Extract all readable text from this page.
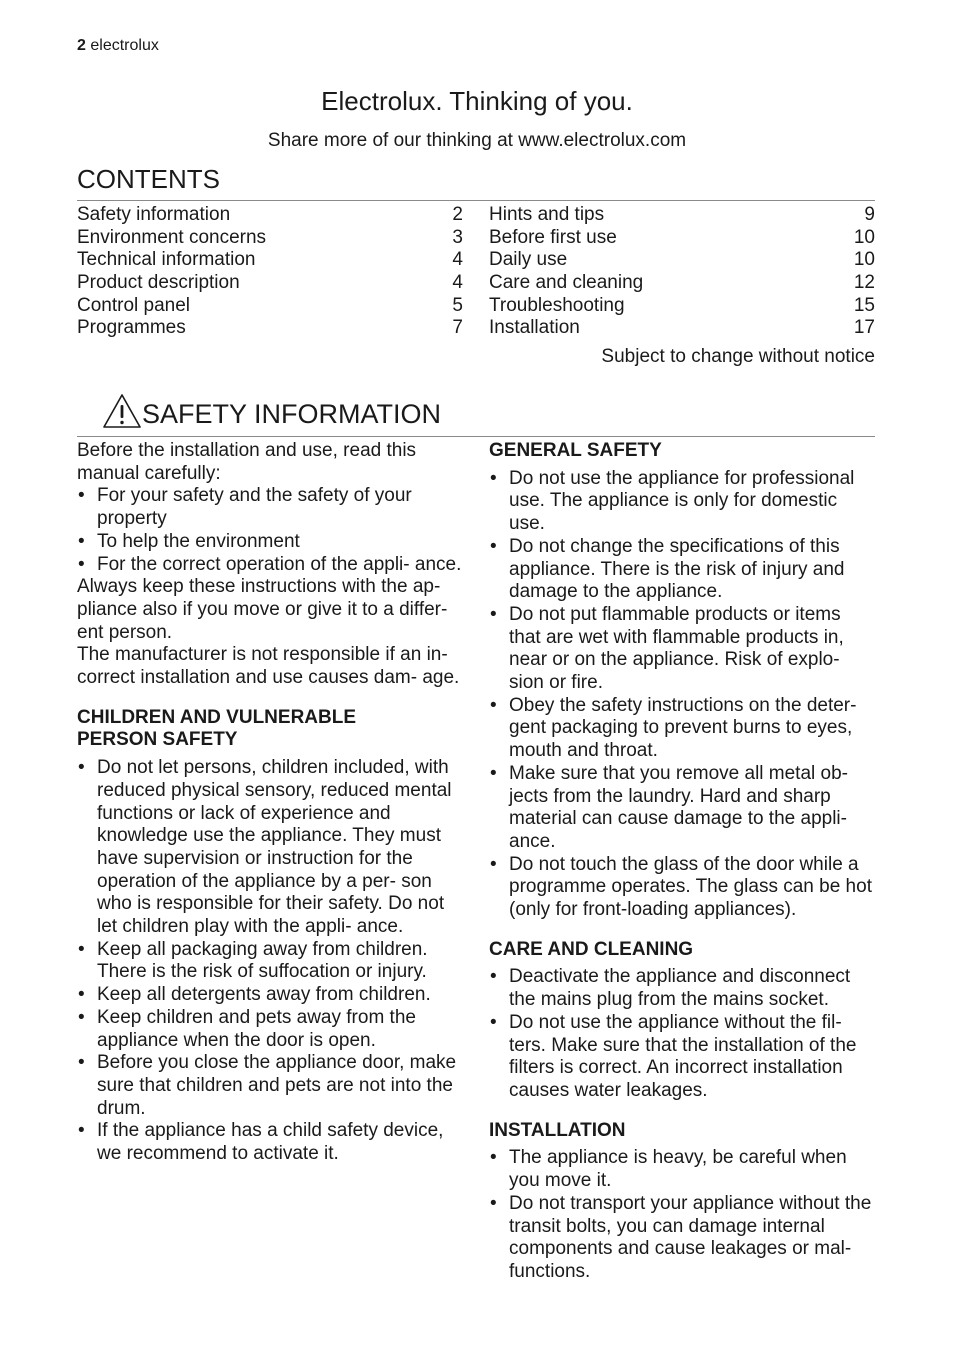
2 electrolux
Electrolux. Thinking of you.
Share more of our thinking at www.electrolux.com
CONTENTS
Safety information	2
Environment concerns	3
Technical information	4
Product description	4
Control panel	5
Programmes	7
Hints and tips	9
Before first use	10
Daily use	10
Care and cleaning	12
Troubleshooting	15
Installation	17
Subject to change without notice
SAFETY INFORMATION

Before the installation and use, read this manual carefully:

• For your safety and the safety of your property
• To help the environment
• For the correct operation of the appli- ance.

Always keep these instructions with the ap- pliance also if you move or give it to a differ- ent person.

The manufacturer is not responsible if an in- correct installation and use causes dam- age.

CHILDREN AND VULNERABLE
PERSON SAFETY
• Do not let persons, children included, with reduced physical sensory, reduced mental functions or lack of experience and knowledge use the appliance. They must have supervision or instruction for the operation of the appliance by a per- son who is responsible for their safety. Do not let children play with the appli- ance.
• Keep all packaging away from children. There is the risk of suffocation or injury.
• Keep all detergents away from children.
• Keep children and pets away from the appliance when the door is open.
• Before you close the appliance door, make sure that children and pets are not into the drum.
• If the appliance has a child safety device, we recommend to activate it.
GENERAL SAFETY
• Do not use the appliance for professional use. The appliance is only for domestic use.
• Do not change the specifications of this appliance. There is the risk of injury and damage to the appliance.
• Do not put flammable products or items that are wet with flammable products in, near or on the appliance. Risk of explo- sion or fire.
• Obey the safety instructions on the deter- gent packaging to prevent burns to eyes, mouth and throat.
• Make sure that you remove all metal ob- jects from the laundry. Hard and sharp material can cause damage to the appli- ance.
• Do not touch the glass of the door while a programme operates. The glass can be hot (only for front-loading appliances).
CARE AND CLEANING
• Deactivate the appliance and disconnect the mains plug from the mains socket.
• Do not use the appliance without the fil- ters. Make sure that the installation of the filters is correct. An incorrect installation causes water leakages.
INSTALLATION
• The appliance is heavy, be careful when you move it.
• Do not transport your appliance without the transit bolts, you can damage internal components and cause leakages or mal- functions.
